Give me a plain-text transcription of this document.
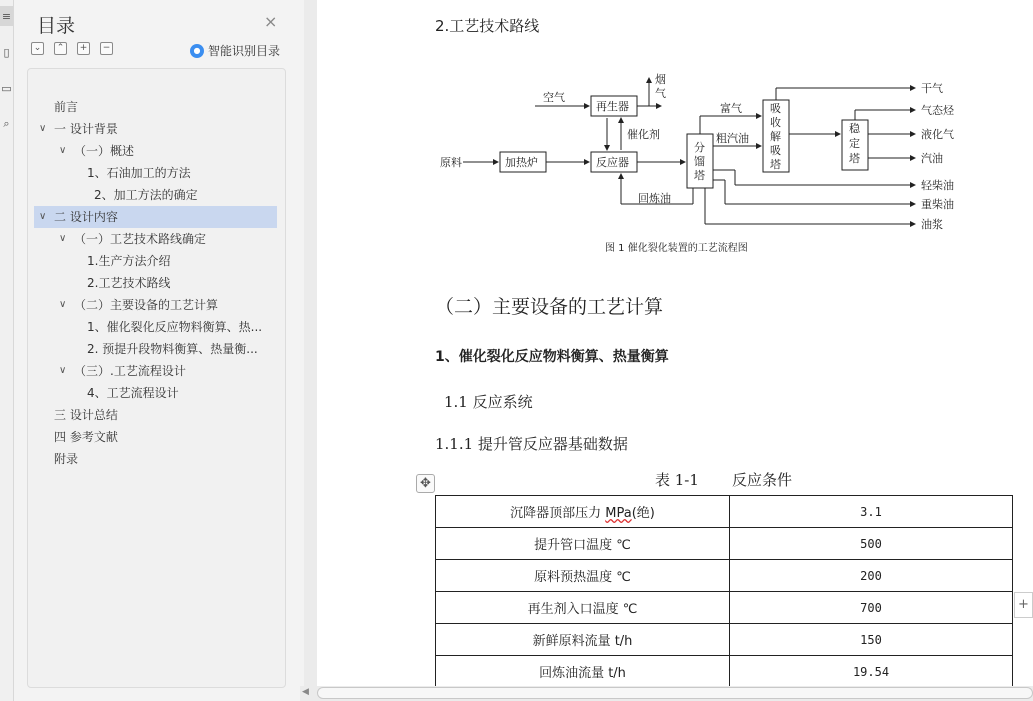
≡
▯
▭
⌕
目录	×
⌄	⌃	+	−	● 智能识别目录
前言
∨ 一 设计背景
∨ （一）概述
1、石油加工的方法
2、加工方法的确定
∨ 二 设计内容
∨ （一）工艺技术路线确定
1.生产方法介绍
2.工艺技术路线
∨ （二）主要设备的工艺计算
1、催化裂化反应物料衡算、热...
2. 预提升段物料衡算、热量衡...
∨ （三）.工艺流程设计
4、工艺流程设计
三 设计总结
四 参考文献
附录
2.工艺技术路线
空气
再生器
烟
气
催化剂
原料	加热炉	反应器
分
馏
塔
富气
粗汽油
吸
收
解
吸
塔
稳
定
塔
回炼油
干气
气态烃
液化气
汽油
轻柴油
重柴油
油浆
图 1 催化裂化装置的工艺流程图
（二）主要设备的工艺计算
1、催化裂化反应物料衡算、热量衡算
1.1 反应系统
1.1.1 提升管反应器基础数据
表 1-1 反应条件
✥
沉降器顶部压力 MPa(绝)	3.1
提升管口温度 ℃	500
原料预热温度 ℃	200
再生剂入口温度 ℃	700
新鲜原料流量 t/h	150
回炼油流量 t/h	19.54
+
◀
